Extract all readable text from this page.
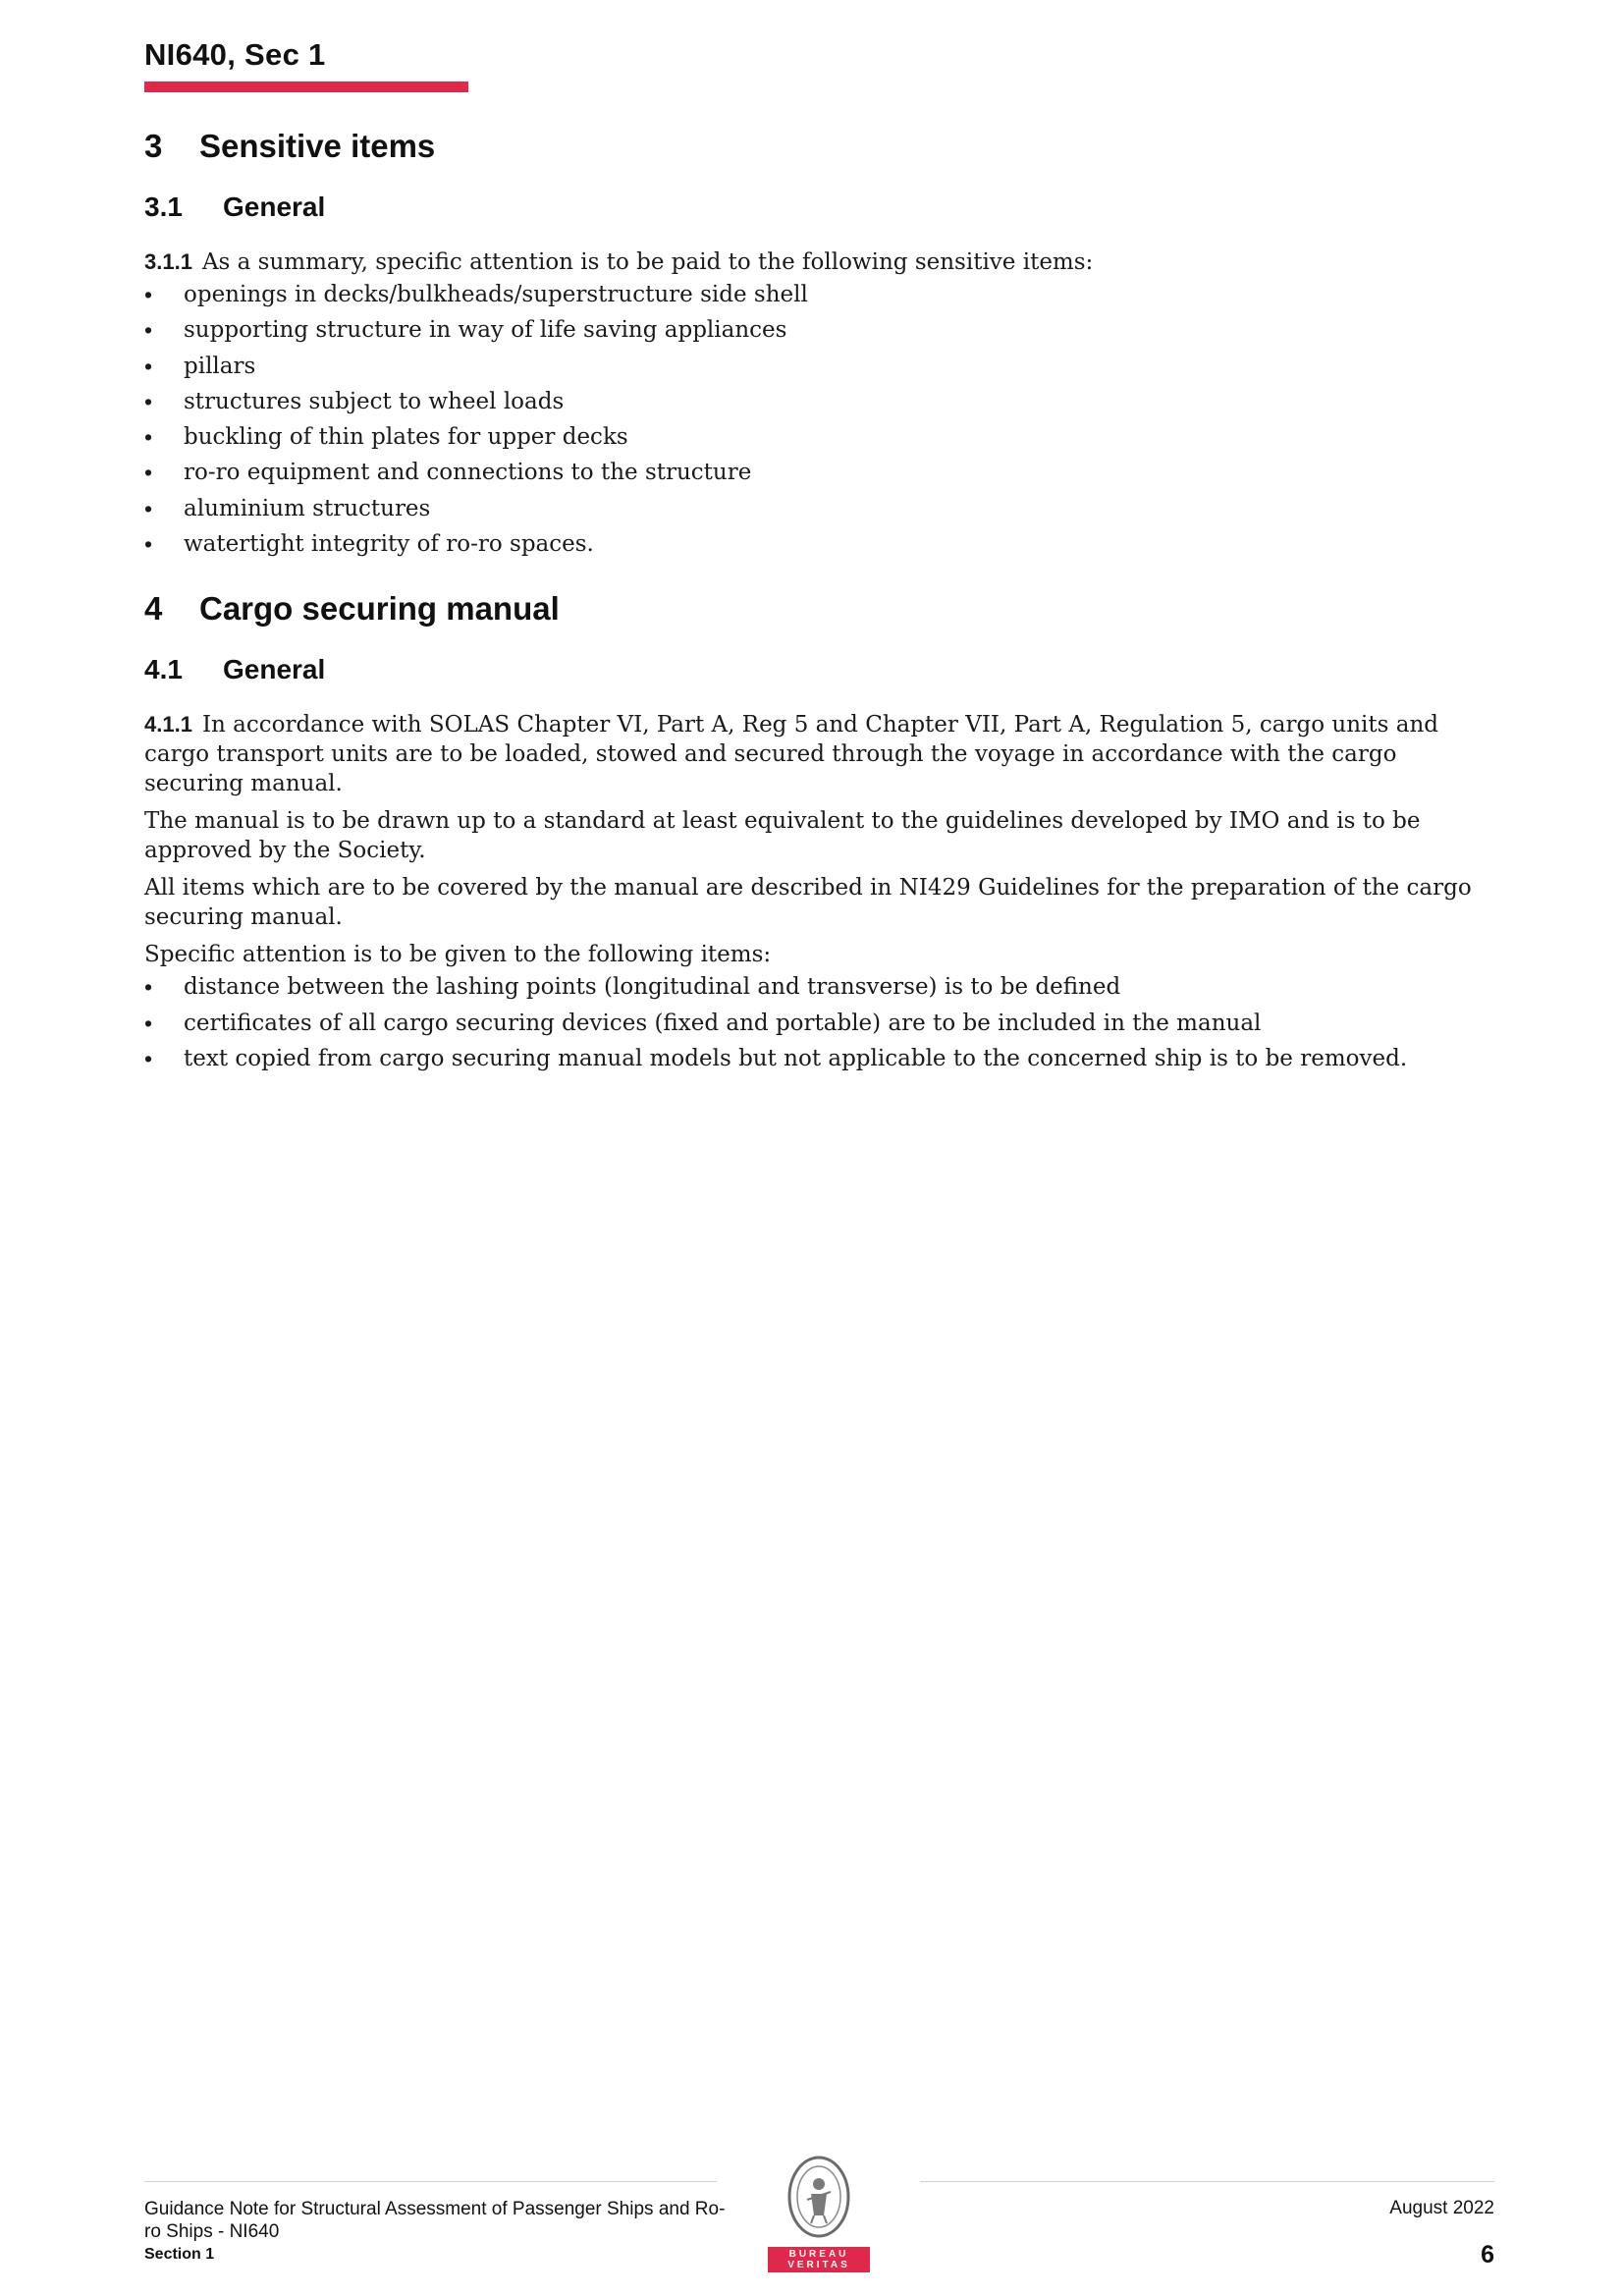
NI640, Sec 1
3	Sensitive items
3.1	General

3.1.1 As a summary, specific attention is to be paid to the following sensitive items:

•	openings in decks/bulkheads/superstructure side shell
•	supporting structure in way of life saving appliances
•	pillars
•	structures subject to wheel loads
•	buckling of thin plates for upper decks
•	ro-ro equipment and connections to the structure
•	aluminium structures
•	watertight integrity of ro-ro spaces.
4	Cargo securing manual
4.1	General

4.1.1 In accordance with SOLAS Chapter VI, Part A, Reg 5 and Chapter VII, Part A, Regulation 5, cargo units and cargo transport units are to be loaded, stowed and secured through the voyage in accordance with the cargo securing manual.

The manual is to be drawn up to a standard at least equivalent to the guidelines developed by IMO and is to be approved by the Society.

All items which are to be covered by the manual are described in NI429 Guidelines for the preparation of the cargo securing manual.

Specific attention is to be given to the following items:

•	distance between the lashing points (longitudinal and transverse) is to be defined
•	certificates of all cargo securing devices (fixed and portable) are to be included in the manual
•	text copied from cargo securing manual models but not applicable to the concerned ship is to be removed.
Guidance Note for Structural Assessment of Passenger Ships and Ro-ro Ships - NI640
Section 1	BUREAU
VERITAS
August 2022
6
